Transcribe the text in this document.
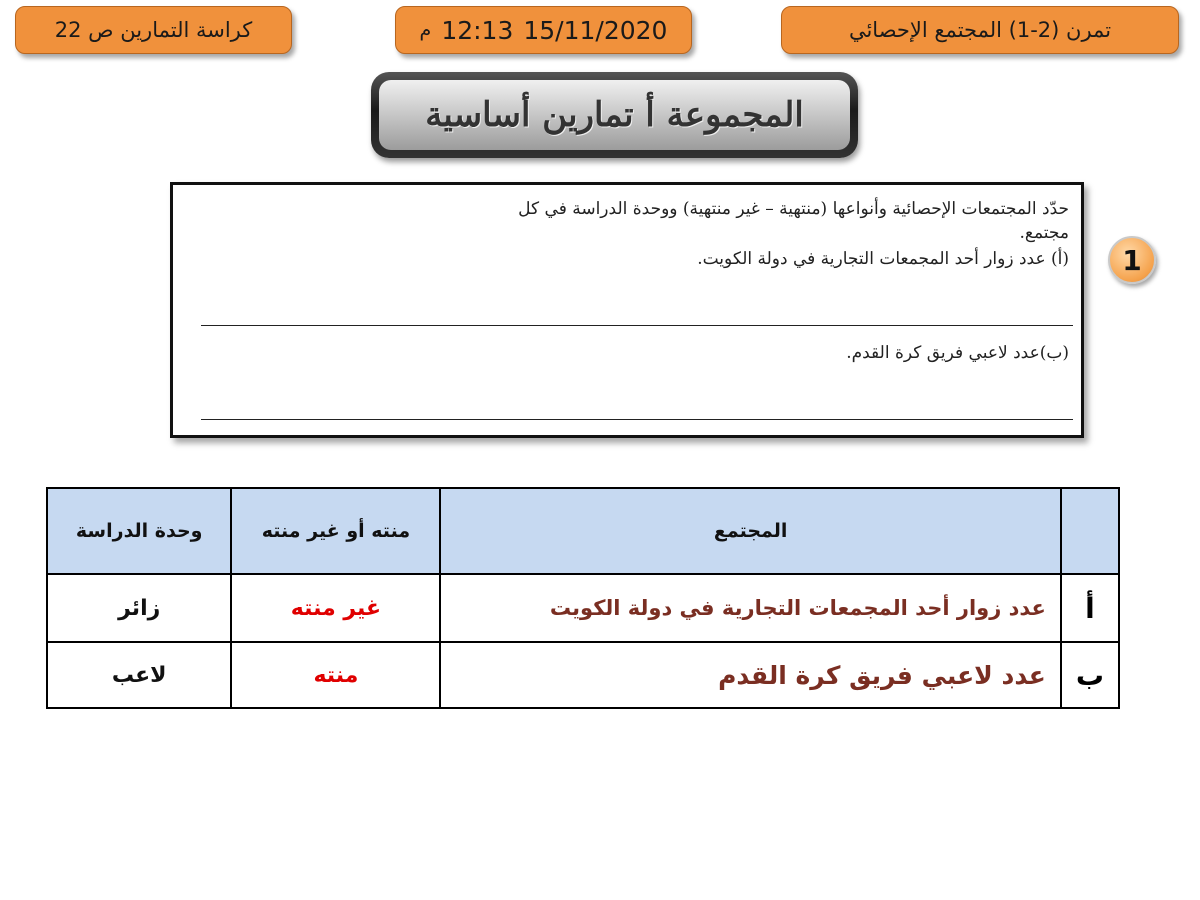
كراسة التمارين ص 22	15/11/2020
12:13
م	تمرن (2-1) المجتمع الإحصائي
المجموعة أ تمارين أساسية
حدّد المجتمعات الإحصائية وأنواعها (منتهية – غير منتهية) ووحدة الدراسة في كل
مجتمع.
(أ) عدد زوار أحد المجمعات التجارية في دولة الكويت.
(ب)عدد لاعبي فريق كرة القدم.
1
	المجتمع	منته أو غير منته	وحدة الدراسة
أ	عدد زوار أحد المجمعات التجارية في دولة الكويت	غير منته	زائر
ب	عدد لاعبي فريق كرة القدم	منته	لاعب
